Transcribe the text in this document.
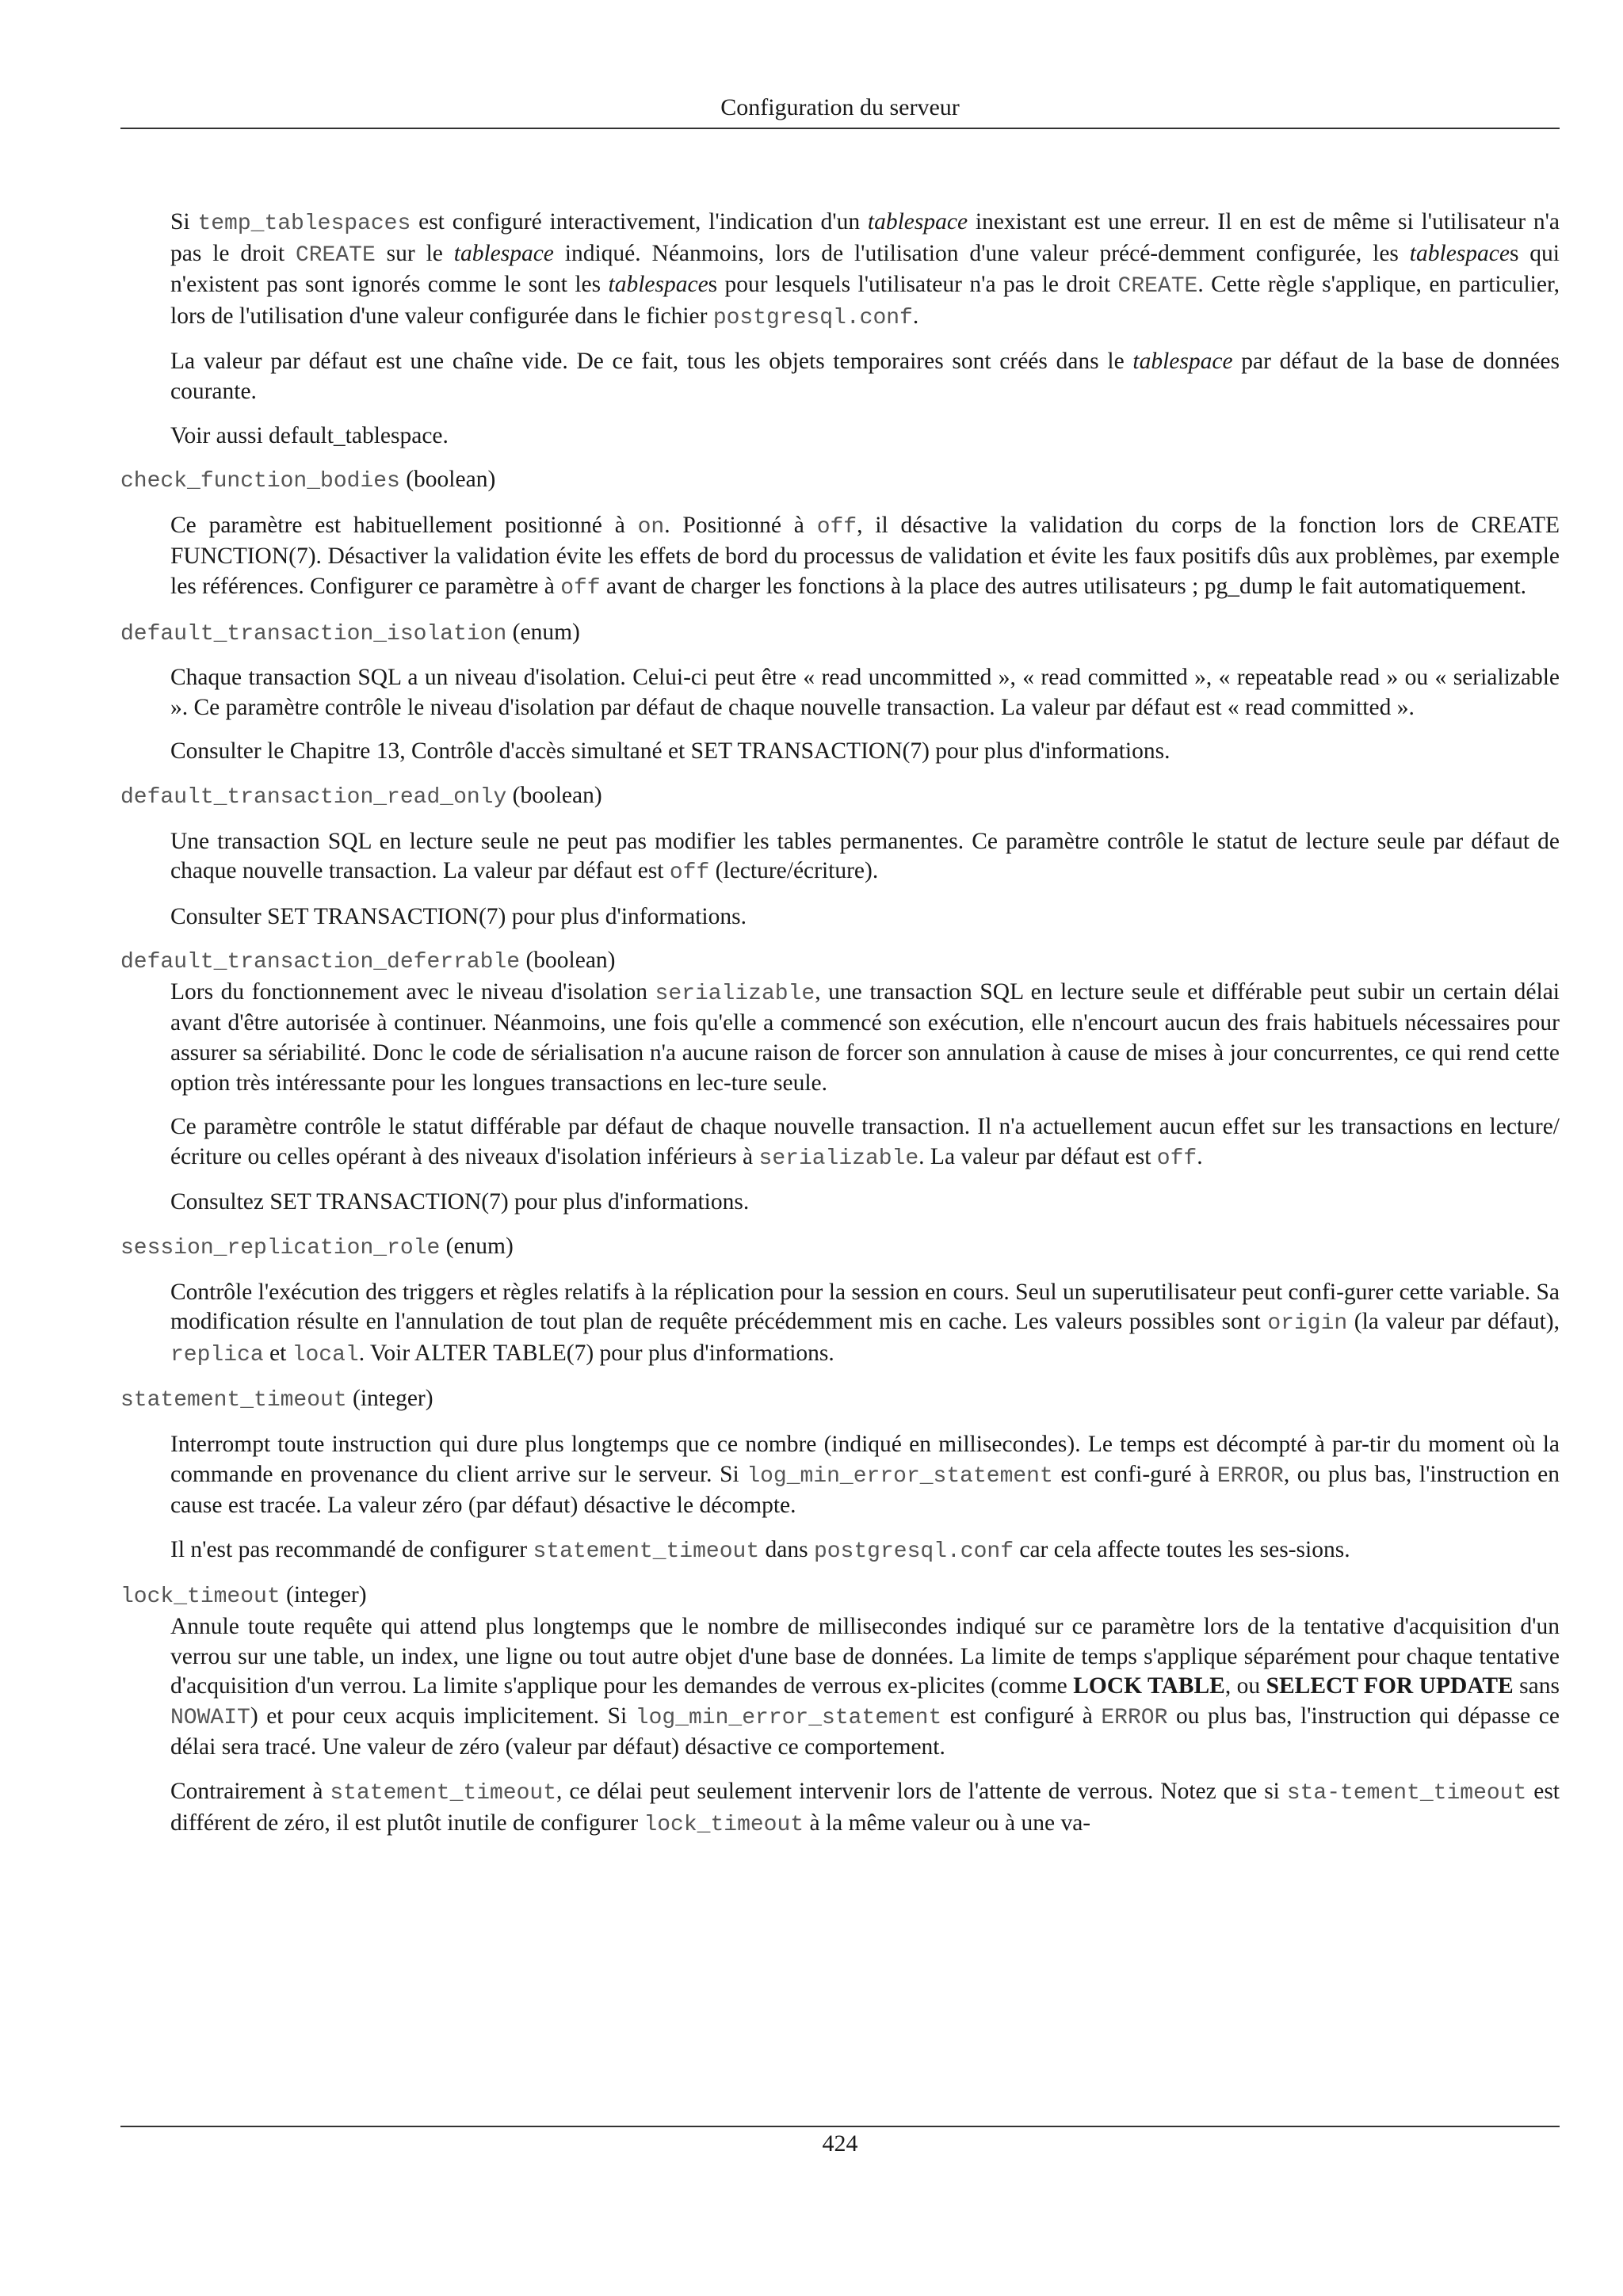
Configuration du serveur

Si temp_tablespaces est configuré interactivement, l'indication d'un tablespace inexistant est une erreur. Il en est de même si l'utilisateur n'a pas le droit CREATE sur le tablespace indiqué. Néanmoins, lors de l'utilisation d'une valeur précé-demment configurée, les tablespaces qui n'existent pas sont ignorés comme le sont les tablespaces pour lesquels l'utilisateur n'a pas le droit CREATE. Cette règle s'applique, en particulier, lors de l'utilisation d'une valeur configurée dans le fichier postgresql.conf.

La valeur par défaut est une chaîne vide. De ce fait, tous les objets temporaires sont créés dans le tablespace par défaut de la base de données courante.

Voir aussi default_tablespace.

check_function_bodies (boolean)

Ce paramètre est habituellement positionné à on. Positionné à off, il désactive la validation du corps de la fonction lors de CREATE FUNCTION(7). Désactiver la validation évite les effets de bord du processus de validation et évite les faux positifs dûs aux problèmes, par exemple les références. Configurer ce paramètre à off avant de charger les fonctions à la place des autres utilisateurs ; pg_dump le fait automatiquement.

default_transaction_isolation (enum)

Chaque transaction SQL a un niveau d'isolation. Celui-ci peut être « read uncommitted », « read committed », « repeatable read » ou « serializable ». Ce paramètre contrôle le niveau d'isolation par défaut de chaque nouvelle transaction. La valeur par défaut est « read committed ».

Consulter le Chapitre 13, Contrôle d'accès simultané et SET TRANSACTION(7) pour plus d'informations.

default_transaction_read_only (boolean)

Une transaction SQL en lecture seule ne peut pas modifier les tables permanentes. Ce paramètre contrôle le statut de lecture seule par défaut de chaque nouvelle transaction. La valeur par défaut est off (lecture/écriture).

Consulter SET TRANSACTION(7) pour plus d'informations.

default_transaction_deferrable (boolean)

Lors du fonctionnement avec le niveau d'isolation serializable, une transaction SQL en lecture seule et différable peut subir un certain délai avant d'être autorisée à continuer. Néanmoins, une fois qu'elle a commencé son exécution, elle n'encourt aucun des frais habituels nécessaires pour assurer sa sériabilité. Donc le code de sérialisation n'a aucune raison de forcer son annulation à cause de mises à jour concurrentes, ce qui rend cette option très intéressante pour les longues transactions en lec-ture seule.

Ce paramètre contrôle le statut différable par défaut de chaque nouvelle transaction. Il n'a actuellement aucun effet sur les transactions en lecture/écriture ou celles opérant à des niveaux d'isolation inférieurs à serializable. La valeur par défaut est off.

Consultez SET TRANSACTION(7) pour plus d'informations.

session_replication_role (enum)

Contrôle l'exécution des triggers et règles relatifs à la réplication pour la session en cours. Seul un superutilisateur peut confi-gurer cette variable. Sa modification résulte en l'annulation de tout plan de requête précédemment mis en cache. Les valeurs possibles sont origin (la valeur par défaut), replica et local. Voir ALTER TABLE(7) pour plus d'informations.

statement_timeout (integer)

Interrompt toute instruction qui dure plus longtemps que ce nombre (indiqué en millisecondes). Le temps est décompté à par-tir du moment où la commande en provenance du client arrive sur le serveur. Si log_min_error_statement est confi-guré à ERROR, ou plus bas, l'instruction en cause est tracée. La valeur zéro (par défaut) désactive le décompte.

Il n'est pas recommandé de configurer statement_timeout dans postgresql.conf car cela affecte toutes les ses-sions.

lock_timeout (integer)

Annule toute requête qui attend plus longtemps que le nombre de millisecondes indiqué sur ce paramètre lors de la tentative d'acquisition d'un verrou sur une table, un index, une ligne ou tout autre objet d'une base de données. La limite de temps s'applique séparément pour chaque tentative d'acquisition d'un verrou. La limite s'applique pour les demandes de verrous ex-plicites (comme LOCK TABLE, ou SELECT FOR UPDATE sans NOWAIT) et pour ceux acquis implicitement. Si log_min_error_statement est configuré à ERROR ou plus bas, l'instruction qui dépasse ce délai sera tracé. Une valeur de zéro (valeur par défaut) désactive ce comportement.

Contrairement à statement_timeout, ce délai peut seulement intervenir lors de l'attente de verrous. Notez que si sta-tement_timeout est différent de zéro, il est plutôt inutile de configurer lock_timeout à la même valeur ou à une va-

424
